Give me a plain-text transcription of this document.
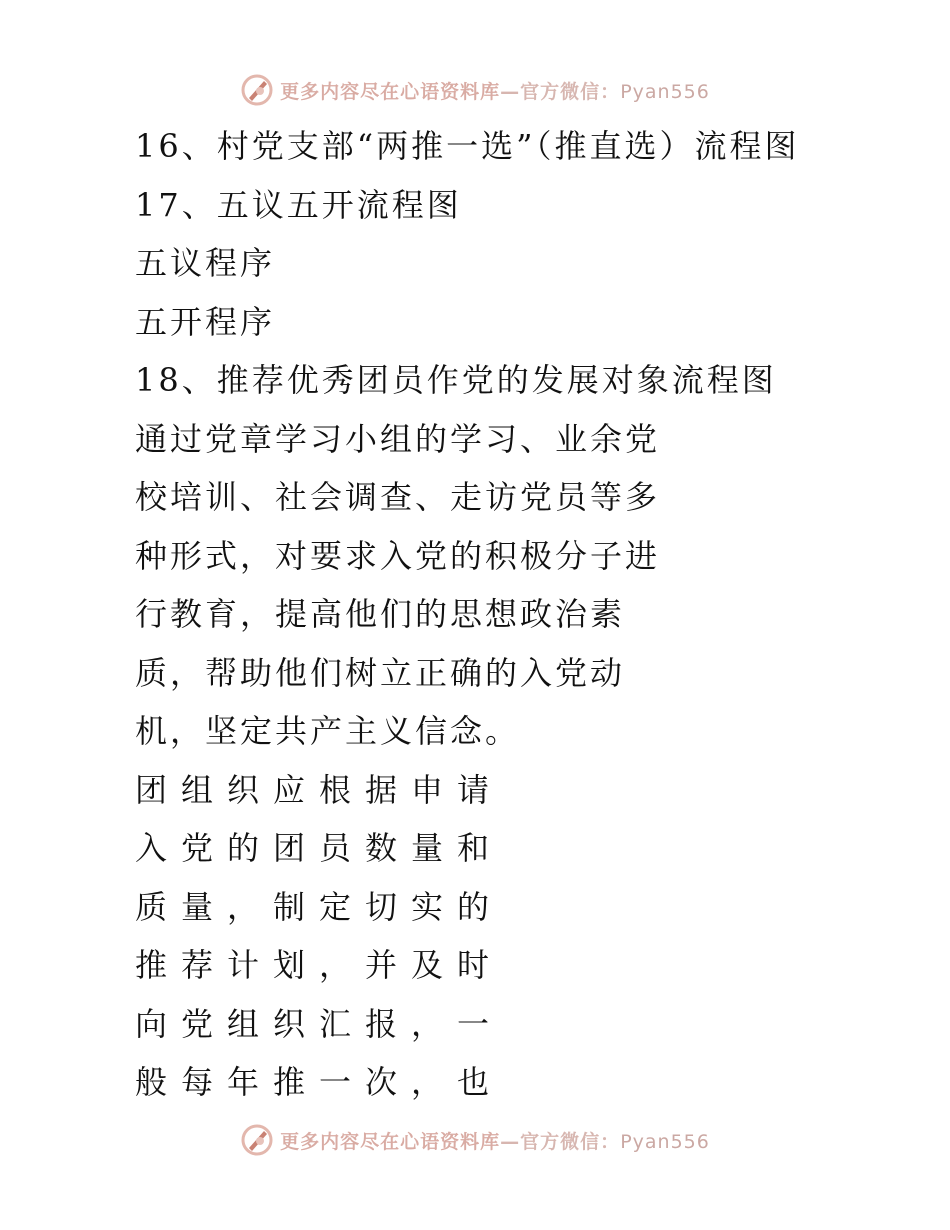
更多内容尽在心语资料库—官方微信：Pyan556
16、村党支部“两推一选”（推直选）流程图
17、五议五开流程图
五议程序
五开程序
18、推荐优秀团员作党的发展对象流程图
通过党章学习小组的学习、业余党
校培训、社会调查、走访党员等多
种形式，对要求入党的积极分子进
行教育，提高他们的思想政治素
质，帮助他们树立正确的入党动
机，坚定共产主义信念。
团组织应根据申请
入党的团员数量和
质量，制定切实的
推荐计划，并及时
向党组织汇报，一
般每年推一次，也
更多内容尽在心语资料库—官方微信：Pyan556
